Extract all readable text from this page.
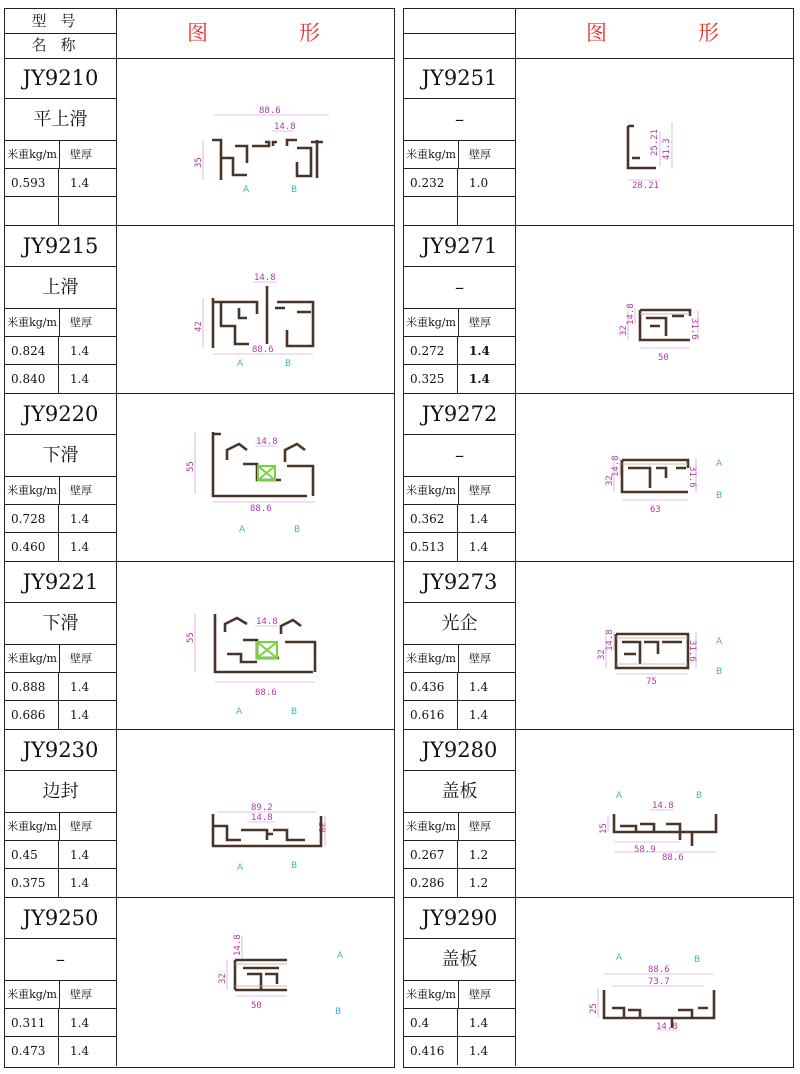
型号
名称	图	形
JY9210
平上滑
米重kg/m	壁厚
0.593	1.4
88.6
14.8
35
A	B
JY9215
上滑
米重kg/m	壁厚
0.824	1.4
0.840	1.4
14.8
42
88.6
A	B
JY9220
下滑
米重kg/m	壁厚
0.728	1.4
0.460	1.4
14.8
55
88.6
A	B
JY9221
下滑
米重kg/m	壁厚
0.888	1.4
0.686	1.4
14.8
55
88.6
A	B
JY9230
边封
米重kg/m	壁厚
0.45	1.4
0.375	1.4
89.2
14.8
30
A	B
JY9250
–
米重kg/m	壁厚
0.311	1.4
0.473	1.4
14.8
32
50
A
B
图	形
JY9251
–
米重kg/m	壁厚
0.232	1.0
25.21 41.3
28.21
JY9271
–
米重kg/m	壁厚
0.272	1.4
0.325	1.4
32
14.8
31.6
50
JY9272
–
米重kg/m	壁厚
0.362	1.4
0.513	1.4
32
14.8	31.6
63
A
B
JY9273
光企
米重kg/m	壁厚
0.436	1.4
0.616	1.4
32
14.8	31.6
75
A
B
JY9280
盖板
米重kg/m	壁厚
0.267	1.2
0.286	1.2
14.8
15
58.9
88.6
A	B
JY9290
盖板
米重kg/m	壁厚
0.4	1.4
0.416	1.4
88.6
73.7
25
14.8
A	B
